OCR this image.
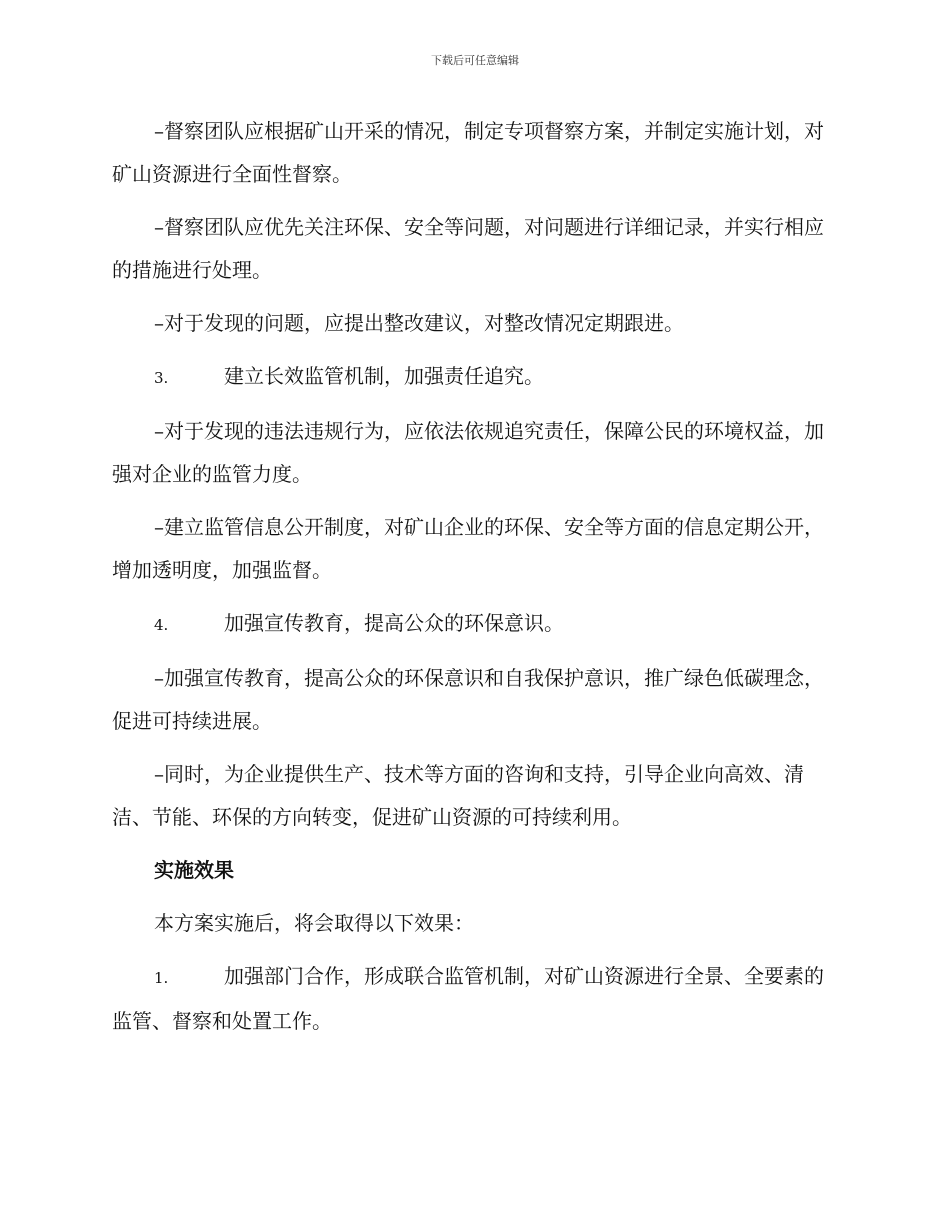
下载后可任意编辑

–督察团队应根据矿山开采的情况，制定专项督察方案，并制定实施计划，对矿山资源进行全面性督察。

–督察团队应优先关注环保、安全等问题，对问题进行详细记录，并实行相应的措施进行处理。

–对于发现的问题，应提出整改建议，对整改情况定期跟进。

3.	建立长效监管机制，加强责任追究。

–对于发现的违法违规行为，应依法依规追究责任，保障公民的环境权益，加强对企业的监管力度。

–建立监管信息公开制度，对矿山企业的环保、安全等方面的信息定期公开，增加透明度，加强监督。

4.	加强宣传教育，提高公众的环保意识。

–加强宣传教育，提高公众的环保意识和自我保护意识，推广绿色低碳理念，促进可持续进展。

–同时，为企业提供生产、技术等方面的咨询和支持，引导企业向高效、清洁、节能、环保的方向转变，促进矿山资源的可持续利用。

实施效果

本方案实施后，将会取得以下效果：

1.	加强部门合作，形成联合监管机制，对矿山资源进行全景、全要素的监管、督察和处置工作。
